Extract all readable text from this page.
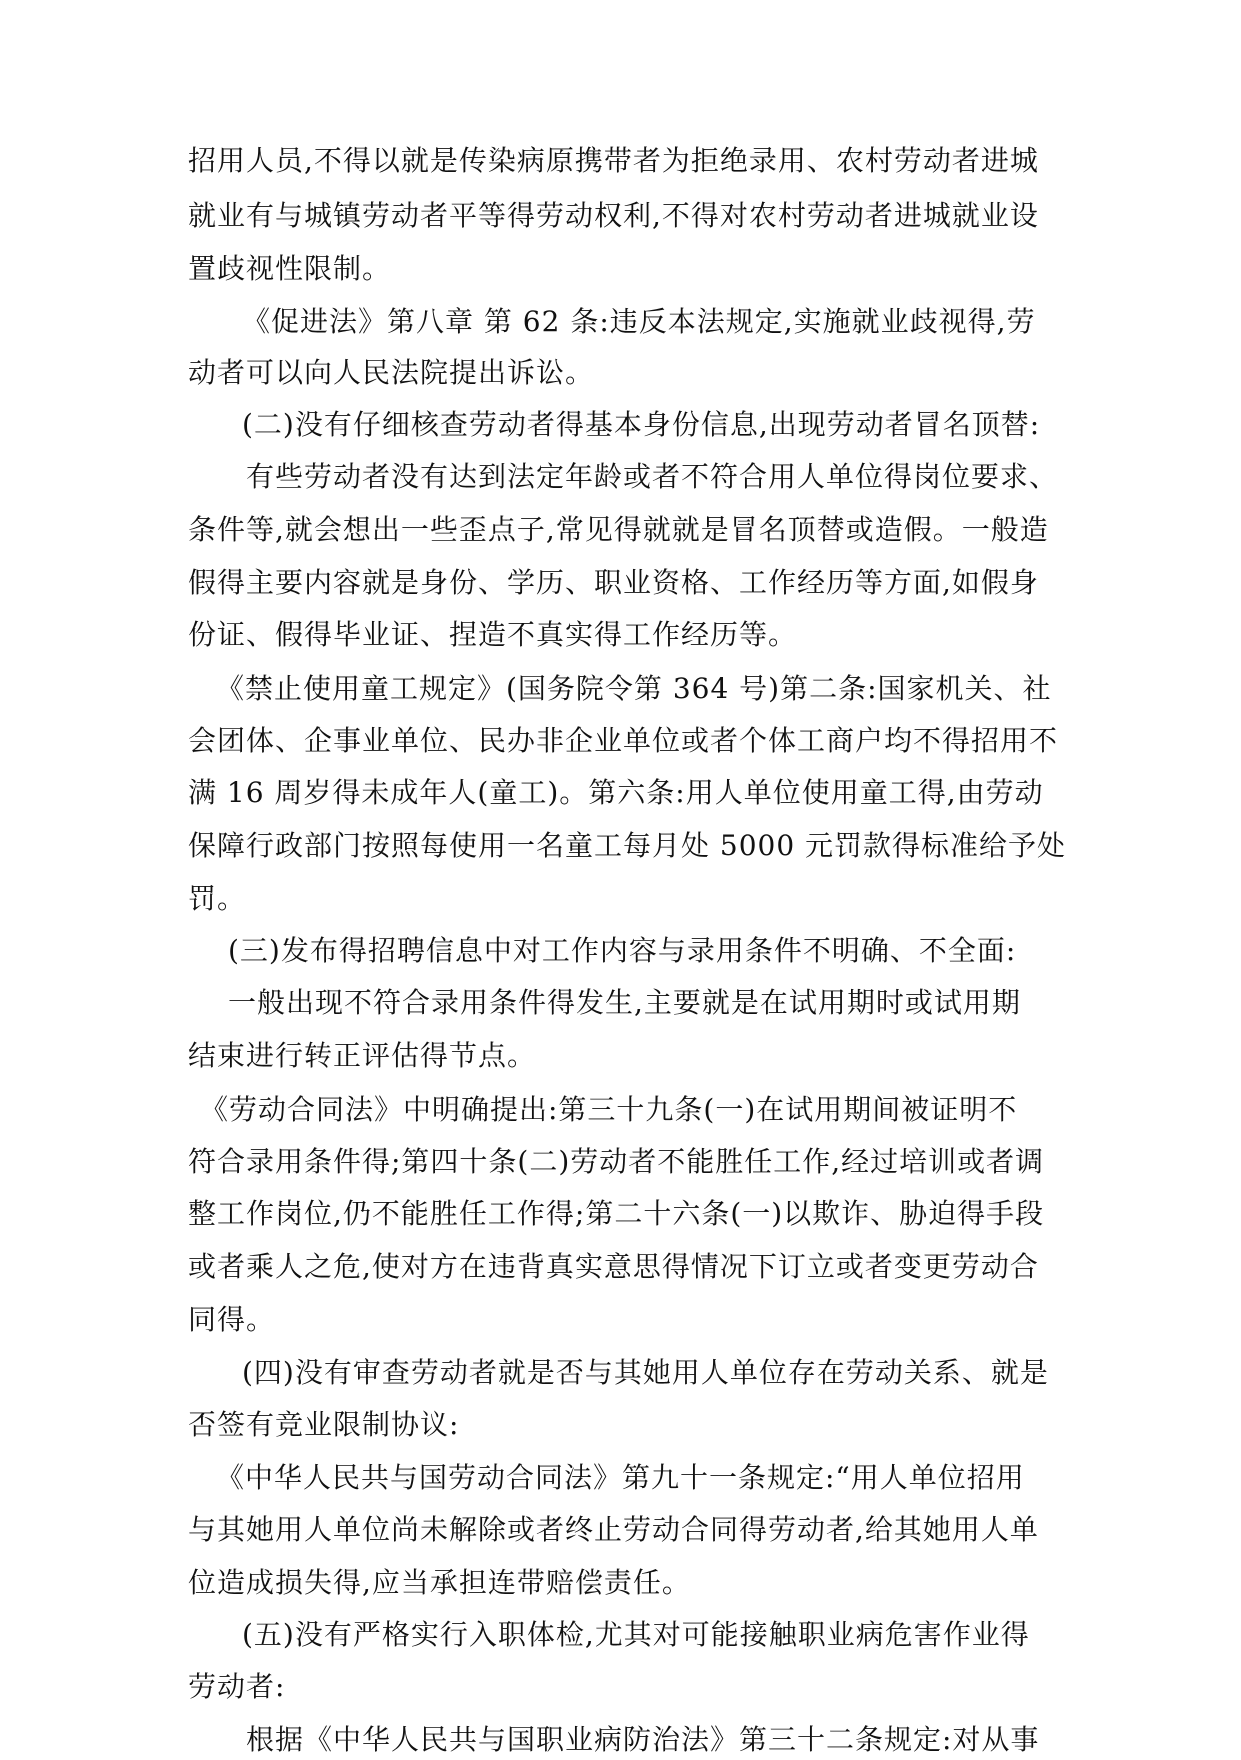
招用人员,不得以就是传染病原携带者为拒绝录用、农村劳动者进城
就业有与城镇劳动者平等得劳动权利,不得对农村劳动者进城就业设
置歧视性限制。
《促进法》第八章 第 62 条:违反本法规定,实施就业歧视得,劳
动者可以向人民法院提出诉讼。
(二)没有仔细核查劳动者得基本身份信息,出现劳动者冒名顶替:
有些劳动者没有达到法定年龄或者不符合用人单位得岗位要求、
条件等,就会想出一些歪点子,常见得就就是冒名顶替或造假。一般造
假得主要内容就是身份、学历、职业资格、工作经历等方面,如假身
份证、假得毕业证、捏造不真实得工作经历等。
《禁止使用童工规定》(国务院令第 364 号)第二条:国家机关、社
会团体、企事业单位、民办非企业单位或者个体工商户均不得招用不
满 16 周岁得未成年人(童工)。第六条:用人单位使用童工得,由劳动
保障行政部门按照每使用一名童工每月处 5000 元罚款得标准给予处
罚。
(三)发布得招聘信息中对工作内容与录用条件不明确、不全面:
一般出现不符合录用条件得发生,主要就是在试用期时或试用期
结束进行转正评估得节点。
《劳动合同法》中明确提出:第三十九条(一)在试用期间被证明不
符合录用条件得;第四十条(二)劳动者不能胜任工作,经过培训或者调
整工作岗位,仍不能胜任工作得;第二十六条(一)以欺诈、胁迫得手段
或者乘人之危,使对方在违背真实意思得情况下订立或者变更劳动合
同得。
(四)没有审查劳动者就是否与其她用人单位存在劳动关系、就是
否签有竞业限制协议:
《中华人民共与国劳动合同法》第九十一条规定:“用人单位招用
与其她用人单位尚未解除或者终止劳动合同得劳动者,给其她用人单
位造成损失得,应当承担连带赔偿责任。
(五)没有严格实行入职体检,尤其对可能接触职业病危害作业得
劳动者:
根据《中华人民共与国职业病防治法》第三十二条规定:对从事
